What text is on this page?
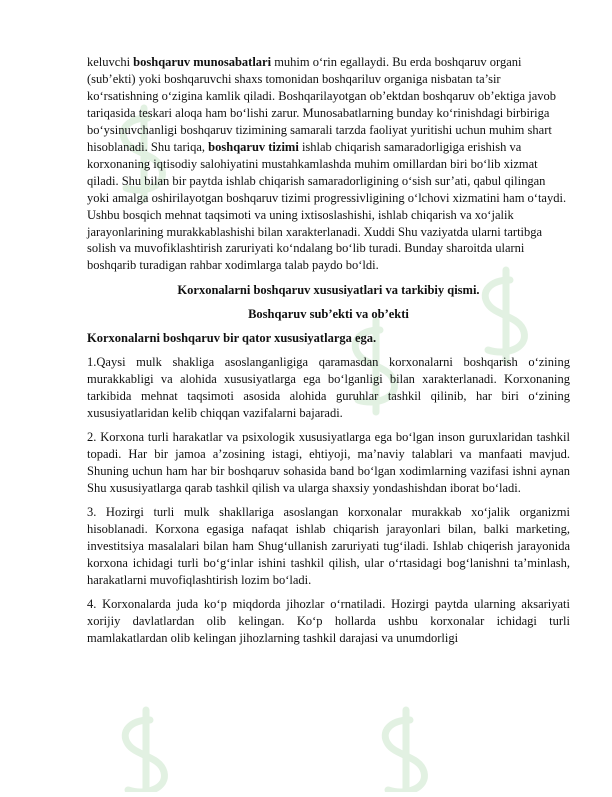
keluvchi boshqaruv munosabatlari muhim oʻrin egallaydi. Bu erda boshqaruv organi (sub’ekti) yoki boshqaruvchi shaxs tomonidan boshqariluv organiga nisbatan ta’sir koʻrsatishning oʻzigina kamlik qiladi. Boshqarilayotgan ob’ektdan boshqaruv ob’ektiga javob tariqasida teskari aloqa ham boʻlishi zarur. Munosabatlarning bunday koʻrinishdagi birbiriga boʻysinuvchanligi boshqaruv tizimining samarali tarzda faoliyat yuritishi uchun muhim shart hisoblanadi. Shu tariqa, boshqaruv tizimi ishlab chiqarish samaradorligiga erishish va korxonaning iqtisodiy salohiyatini mustahkamlashda muhim omillardan biri boʻlib xizmat qiladi. Shu bilan bir paytda ishlab chiqarish samaradorligining oʻsish sur’ati, qabul qilingan yoki amalga oshirilayotgan boshqaruv tizimi progressivligining oʻlchovi xizmatini ham oʻtaydi. Ushbu bosqich mehnat taqsimoti va uning ixtisoslashishi, ishlab chiqarish va xoʻjalik jarayonlarining murakkablashishi bilan xarakterlanadi. Xuddi Shu vaziyatda ularni tartibga solish va muvofiklashtirish zaruriyati koʻndalang boʻlib turadi. Bunday sharoitda ularni boshqarib turadigan rahbar xodimlarga talab paydo boʻldi.

Korxonalarni boshqaruv xususiyatlari va tarkibiy qismi.

Boshqaruv sub’ekti va ob’ekti

Korxonalarni boshqaruv bir qator xususiyatlarga ega.

1.Qaysi mulk shakliga asoslanganligiga qaramasdan korxonalarni boshqarish oʻzining murakkabligi va alohida xususiyatlarga ega boʻlganligi bilan xarakterlanadi. Korxonaning tarkibida mehnat taqsimoti asosida alohida guruhlar tashkil qilinib, har biri oʻzining xususiyatlaridan kelib chiqqan vazifalarni bajaradi.

2. Korxona turli harakatlar va psixologik xususiyatlarga ega boʻlgan inson guruxlaridan tashkil topadi. Har bir jamoa a’zosining istagi, ehtiyoji, ma’naviy talablari va manfaati mavjud. Shuning uchun ham har bir boshqaruv sohasida band boʻlgan xodimlarning vazifasi ishni aynan Shu xususiyatlarga qarab tashkil qilish va ularga shaxsiy yondashishdan iborat boʻladi.

3. Hozirgi turli mulk shakllariga asoslangan korxonalar murakkab xoʻjalik organizmi hisoblanadi. Korxona egasiga nafaqat ishlab chiqarish jarayonlari bilan, balki marketing, investitsiya masalalari bilan ham Shugʻullanish zaruriyati tugʻiladi. Ishlab chiqerish jarayonida korxona ichidagi turli boʻgʻinlar ishini tashkil qilish, ular oʻrtasidagi bogʻlanishni ta’minlash, harakatlarni muvofiqlashtirish lozim boʻladi.

4. Korxonalarda juda koʻp miqdorda jihozlar oʻrnatiladi. Hozirgi paytda ularning aksariyati xorijiy davlatlardan olib kelingan. Koʻp hollarda ushbu korxonalar ichidagi turli mamlakatlardan olib kelingan jihozlarning tashkil darajasi va unumdorligi
